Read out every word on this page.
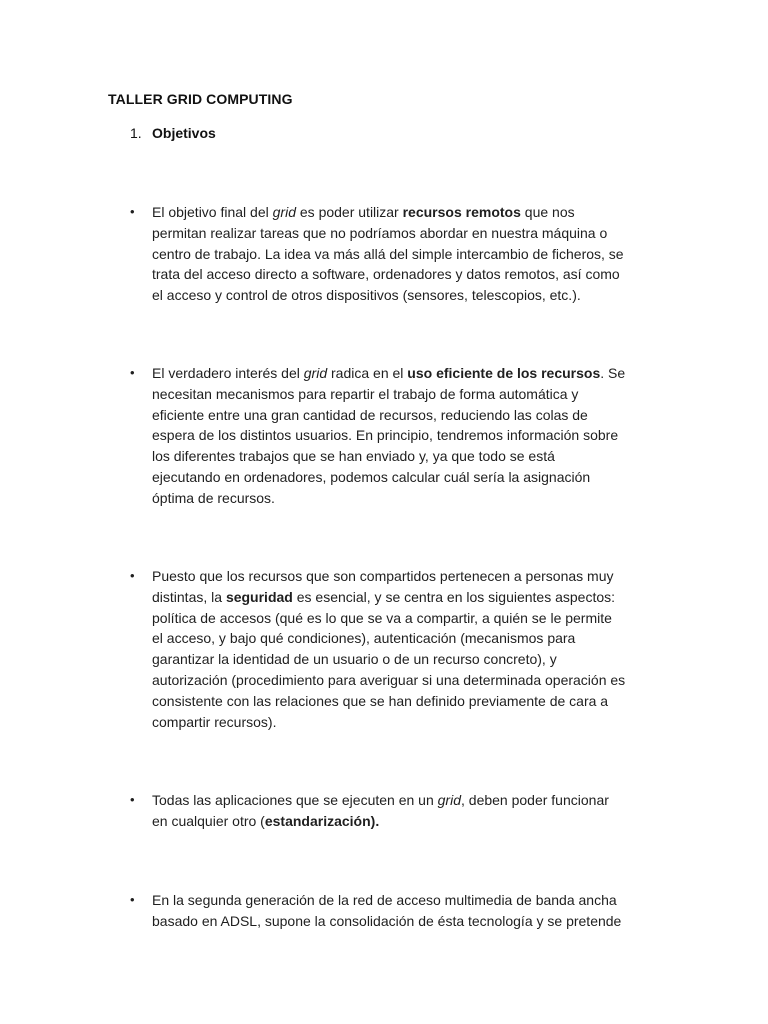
TALLER GRID COMPUTING
1. Objetivos
•	El objetivo final del grid es poder utilizar recursos remotos que nos
permitan realizar tareas que no podríamos abordar en nuestra máquina o
centro de trabajo. La idea va más allá del simple intercambio de ficheros, se
trata del acceso directo a software, ordenadores y datos remotos, así como
el acceso y control de otros dispositivos (sensores, telescopios, etc.).
•	El verdadero interés del grid radica en el uso eficiente de los recursos. Se
necesitan mecanismos para repartir el trabajo de forma automática y
eficiente entre una gran cantidad de recursos, reduciendo las colas de
espera de los distintos usuarios. En principio, tendremos información sobre
los diferentes trabajos que se han enviado y, ya que todo se está
ejecutando en ordenadores, podemos calcular cuál sería la asignación
óptima de recursos.
•	Puesto que los recursos que son compartidos pertenecen a personas muy
distintas, la seguridad es esencial, y se centra en los siguientes aspectos:
política de accesos (qué es lo que se va a compartir, a quién se le permite
el acceso, y bajo qué condiciones), autenticación (mecanismos para
garantizar la identidad de un usuario o de un recurso concreto), y
autorización (procedimiento para averiguar si una determinada operación es
consistente con las relaciones que se han definido previamente de cara a
compartir recursos).
•	Todas las aplicaciones que se ejecuten en un grid, deben poder funcionar
en cualquier otro (estandarización).
•	En la segunda generación de la red de acceso multimedia de banda ancha
basado en ADSL, supone la consolidación de ésta tecnología y se pretende
